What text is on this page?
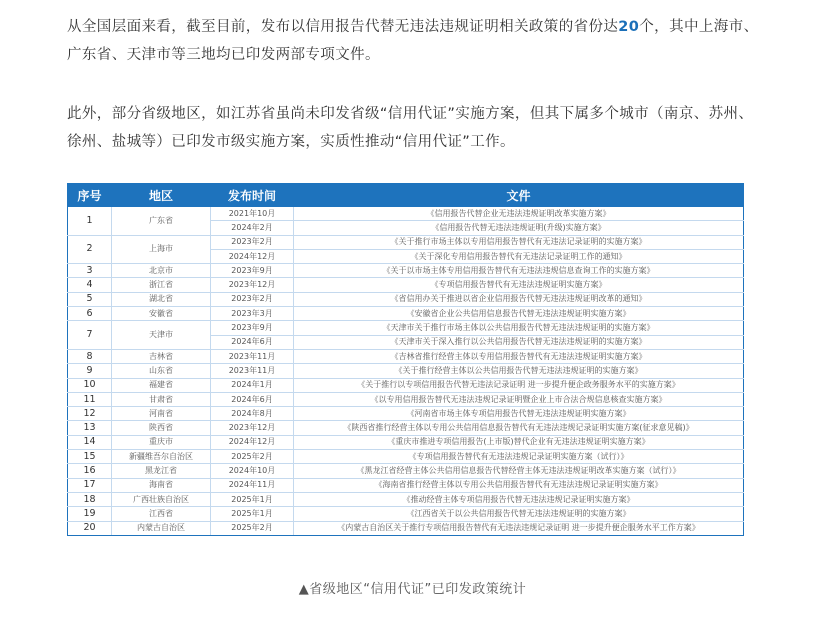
从全国层面来看，截至目前，发布以信用报告代替无违法违规证明相关政策的省份达20个，其中上海市、广东省、天津市等三地均已印发两部专项文件。
此外，部分省级地区，如江苏省虽尚未印发省级“信用代证”实施方案，但其下属多个城市（南京、苏州、徐州、盐城等）已印发市级实施方案，实质性推动“信用代证”工作。
序号	地区	发布时间	文件
1	广东省	2021年10月	《信用报告代替企业无违法违规证明改革实施方案》
		2024年2月	《信用报告代替无违法违规证明(升级)实施方案》
2	上海市	2023年2月	《关于推行市场主体以专用信用报告替代有无违法记录证明的实施方案》
		2024年12月	《关于深化专用信用报告替代有无违法记录证明工作的通知》
3	北京市	2023年9月	《关于以市场主体专用信用报告替代有无违法违规信息查询工作的实施方案》
4	浙江省	2023年12月	《专项信用报告替代有无违法违规证明实施方案》
5	湖北省	2023年2月	《省信用办关于推进以省企业信用报告代替无违法违规证明改革的通知》
6	安徽省	2023年3月	《安徽省企业公共信用信息报告代替无违法违规证明实施方案》
7	天津市	2023年9月	《天津市关于推行市场主体以公共信用报告代替无违法违规证明的实施方案》
		2024年6月	《天津市关于深入推行以公共信用报告代替无违法违规证明的实施方案》
8	吉林省	2023年11月	《吉林省推行经营主体以专用信用报告替代有无违法违规证明实施方案》
9	山东省	2023年11月	《关于推行经营主体以公共信用报告代替无违法违规证明的实施方案》
10	福建省	2024年1月	《关于推行以专项信用报告代替无违法记录证明 进一步提升便企政务服务水平的实施方案》
11	甘肃省	2024年6月	《以专用信用报告替代无违法违规记录证明暨企业上市合法合规信息核查实施方案》
12	河南省	2024年8月	《河南省市场主体专项信用报告代替无违法违规证明实施方案》
13	陕西省	2023年12月	《陕西省推行经营主体以专用公共信用信息报告替代有无违法违规记录证明实施方案(征求意见稿)》
14	重庆市	2024年12月	《重庆市推进专项信用报告(上市版)替代企业有无违法违规证明实施方案》
15	新疆维吾尔自治区	2025年2月	《专项信用报告替代有无违法违规记录证明实施方案（试行）》
16	黑龙江省	2024年10月	《黑龙江省经营主体公共信用信息报告代替经营主体无违法违规证明改革实施方案（试行）》
17	海南省	2024年11月	《海南省推行经营主体以专用公共信用报告替代有无违法违规记录证明实施方案》
18	广西壮族自治区	2025年1月	《推动经营主体专项信用报告代替无违法违规记录证明实施方案》
19	江西省	2025年1月	《江西省关于以公共信用报告代替无违法违规证明的实施方案》
20	内蒙古自治区	2025年2月	《内蒙古自治区关于推行专项信用报告替代有无违法违规记录证明 进一步提升便企服务水平工作方案》
▲省级地区“信用代证”已印发政策统计
